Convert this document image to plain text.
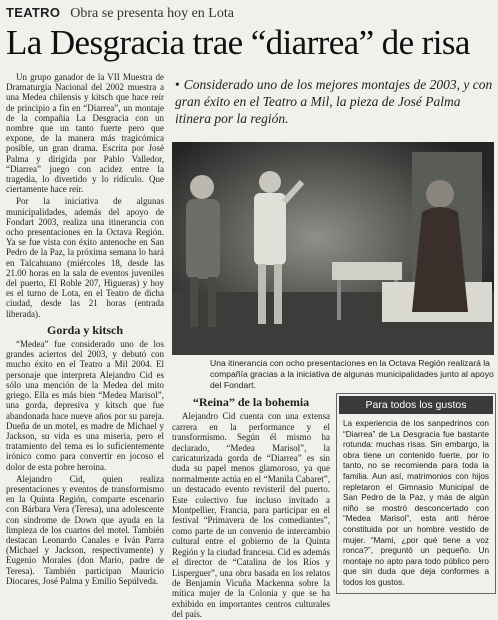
TEATRO Obra se presenta hoy en Lota
La Desgracia trae “diarrea” de risa

Un grupo ganador de la VII Muestra de Dramaturgia Nacional del 2002 muestra a una Medea chilensis y kitsch que hace reír de principio a fin en “Diarrea”, un montaje de la compañía La Desgracia con un nombre que un tanto fuerte pero que expone, de la manera más tragicómica posible, un gran drama. Escrita por José Palma y dirigida por Pablo Valledor, “Diarrea” juego con acidez entre la tragedia, lo divertido y lo ridículo. Que ciertamente hace reír.

Por la iniciativa de algunas municipalidades, además del apoyo de Fondart 2003, realiza una itinerancia con ocho presentaciones en la Octava Región. Ya se fue vista con éxito antenoche en San Pedro de la Paz, la próxima semana lo hará en Talcahuano (miércoles 18, desde las 21.00 horas en la sala de eventos juveniles del puerto, El Roble 207, Higueras) y hoy es el turno de Lota, en el Teatro de dicha ciudad, desde las 21 horas (entrada liberada).

Gorda y kitsch

“Medea” fue considerado uno de los grandes aciertos del 2003, y debutó con mucho éxito en el Teatro a Mil 2004. El personaje que interpreta Alejandro Cid es sólo una mención de la Medea del mito griego. Ella es más bien “Medea Marisol”, una gorda, depresiva y kitsch que fue abandonada hace nueve años por su pareja. Dueña de un motel, es madre de Michael y Jackson, su vida es una miseria, pero el tratamiento del tema es lo suficientemente irónico como para convertir en jocoso el dolor de esta pobre heroína.

Alejandro Cid, quien realiza presentaciones y eventos de transformismo en la Quinta Región, comparte escenario con Bárbara Vera (Teresa), una adolescente con síndrome de Down que ayuda en la limpieza de los cuartos del motel. También destacan Leonardo Canales e Iván Parra (Michael y Jackson, respectivamente) y Eugenio Morales (don Mario, padre de Teresa). También participan Mauricio Diocares, José Palma y Emilio Sepúlveda.

• Considerado uno de los mejores montajes de 2003, y con gran éxito en el Teatro a Mil, la pieza de José Palma itinera por la región.
Una itinerancia con ocho presentaciones en la Octava Región realizará la compañía gracias a la iniciativa de algunas municipalidades junto al apoyo del Fondart.
“Reina” de la bohemia

Alejandro Cid cuenta con una extensa carrera en la performance y el transformismo. Según él mismo ha declarado, “Medea Marisol”, la caricaturizada gorda de “Diarrea” es sin duda su papel menos glamoroso, ya que normalmente actúa en el “Manila Cabaret”, un destacado evento revisteril del puerto. Este colectivo fue incluso invitado a Montpellier, Francia, para participar en el festival “Primavera de los comediantes”, como parte de un convenio de intercambio cultural entre el gobierno de la Quinta Región y la ciudad francesa. Cid es además el director de “Catalina de los Ríos y Lisperguer”, una obra basada en los relatos de Benjamín Vicuña Mackenna sobre la mítica mujer de la Colonia y que se ha exhibido en importantes centros culturales del país.

Para todos los gustos
La experiencia de los sanpedrinos con “Diarrea” de La Desgracia fue bastante rotunda: muchas risas. Sin embargo, la obra tiene un contenido fuerte, por lo tanto, no se recomienda para toda la familia. Aun así, matrimonios con hijos repletaron el Gimnasio Municipal de San Pedro de la Paz, y más de algún niño se mostró desconcertado con “Medea Marisol”, esta anti héroe constituida por un hombre vestido de mujer. “Mami, ¿por qué tiene a voz ronca?”, preguntó un pequeño. Un montaje no apto para todo público pero que sin duda que deja conformes a todos los gustos.
